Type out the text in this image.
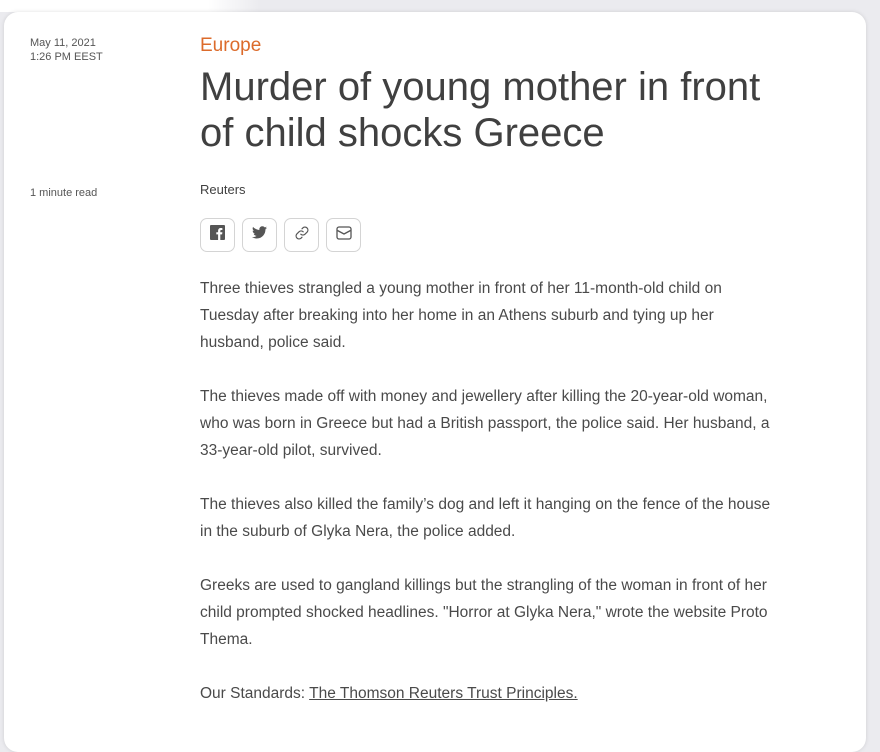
May 11, 2021
1:26 PM EEST
1 minute read
Europe
Murder of young mother in front of child shocks Greece
Reuters

Three thieves strangled a young mother in front of her 11-month-old child on Tuesday after breaking into her home in an Athens suburb and tying up her husband, police said.

The thieves made off with money and jewellery after killing the 20-year-old woman, who was born in Greece but had a British passport, the police said. Her husband, a 33-year-old pilot, survived.

The thieves also killed the family’s dog and left it hanging on the fence of the house in the suburb of Glyka Nera, the police added.

Greeks are used to gangland killings but the strangling of the woman in front of her child prompted shocked headlines. "Horror at Glyka Nera," wrote the website Proto Thema.

Our Standards: The Thomson Reuters Trust Principles.
